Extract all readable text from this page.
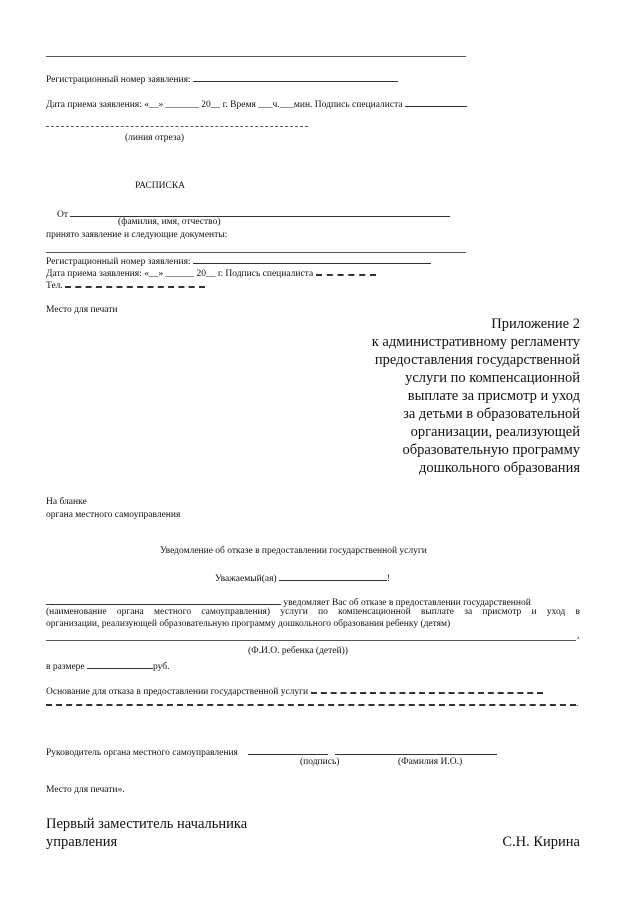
Регистрационный номер заявления:
Дата приема заявления: «__» _______ 20__ г. Время ___ч.___мин. Подпись специалиста
(линия отреза)
РАСПИСКА
От
(фамилия, имя, отчество)
принято заявление и следующие документы:
Регистрационный номер заявления:
Дата приема заявления: «__» ______ 20__ г. Подпись специалиста
Тел.
Место для печати
Приложение 2
к административному регламенту
предоставления государственной
услуги по компенсационной
выплате за присмотр и уход
за детьми в образовательной
организации, реализующей
образовательную программу
дошкольного образования
На бланке
органа местного самоуправления
Уведомление об отказе в предоставлении государственной услуги
Уважаемый(ая)	!
уведомляет Вас об отказе в предоставлении государственной
(наименование органа местного самоуправления) услуги по компенсационной выплате за присмотр и уход в
организации, реализующей образовательную программу дошкольного образования ребенку (детям)
,
(Ф.И.О. ребенка (детей))
в размере	руб.
Основание для отказа в предоставлении государственной услуги
.
Руководитель органа местного самоуправления
(подпись)	(Фамилия И.О.)
Место для печати».
Первый заместитель начальника
управления	С.Н. Кирина
